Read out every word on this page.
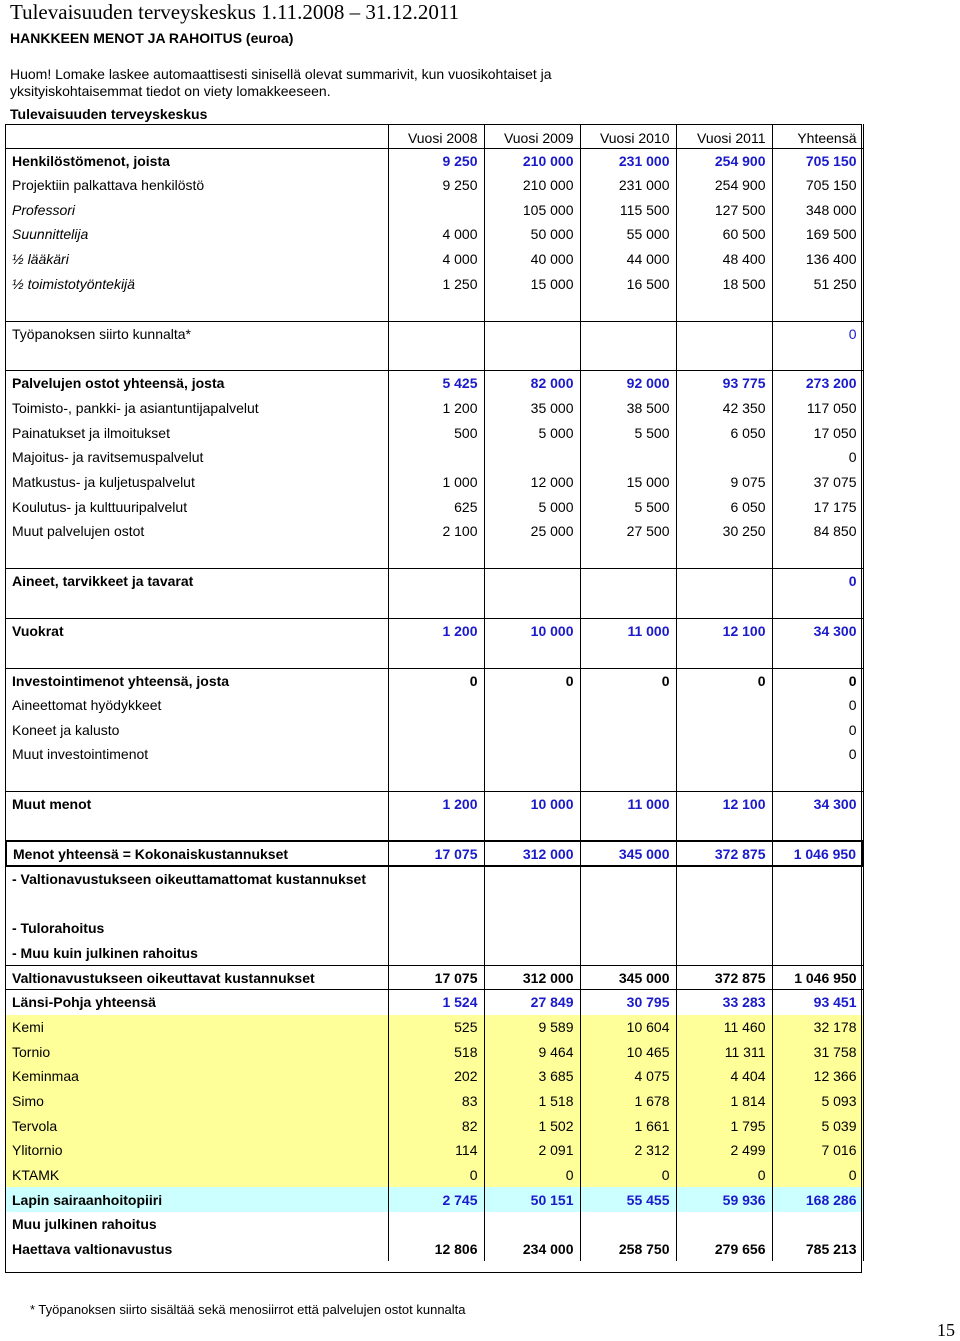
Tulevaisuuden terveyskeskus 1.11.2008 – 31.12.2011
HANKKEEN MENOT JA RAHOITUS (euroa)
Huom! Lomake laskee automaattisesti sinisellä olevat summarivit, kun vuosikohtaiset ja
yksityiskohtaisemmat tiedot on viety lomakkeeseen.
Tulevaisuuden terveyskeskus
	Vuosi 2008	Vuosi 2009	Vuosi 2010	Vuosi 2011	Yhteensä
Henkilöstömenot, joista	9 250	210 000	231 000	254 900	705 150
Projektiin palkattava henkilöstö	9 250	210 000	231 000	254 900	705 150
Professori		105 000	115 500	127 500	348 000
Suunnittelija	4 000	50 000	55 000	60 500	169 500
½ lääkäri	4 000	40 000	44 000	48 400	136 400
½ toimistotyöntekijä	1 250	15 000	16 500	18 500	51 250

Työpanoksen siirto kunnalta*					0

Palvelujen ostot yhteensä, josta	5 425	82 000	92 000	93 775	273 200
Toimisto-, pankki- ja asiantuntijapalvelut	1 200	35 000	38 500	42 350	117 050
Painatukset ja ilmoitukset	500	5 000	5 500	6 050	17 050
Majoitus- ja ravitsemuspalvelut					0
Matkustus- ja kuljetuspalvelut	1 000	12 000	15 000	9 075	37 075
Koulutus- ja kulttuuripalvelut	625	5 000	5 500	6 050	17 175
Muut palvelujen ostot	2 100	25 000	27 500	30 250	84 850

Aineet, tarvikkeet ja tavarat					0

Vuokrat	1 200	10 000	11 000	12 100	34 300

Investointimenot yhteensä, josta	0	0	0	0	0
Aineettomat hyödykkeet					0
Koneet ja kalusto					0
Muut investointimenot					0

Muut menot	1 200	10 000	11 000	12 100	34 300

Menot yhteensä = Kokonaiskustannukset	17 075	312 000	345 000	372 875	1 046 950
- Valtionavustukseen oikeuttamattomat kustannukset					

- Tulorahoitus					
- Muu kuin julkinen rahoitus					
Valtionavustukseen oikeuttavat kustannukset	17 075	312 000	345 000	372 875	1 046 950
Länsi-Pohja yhteensä	1 524	27 849	30 795	33 283	93 451
Kemi	525	9 589	10 604	11 460	32 178
Tornio	518	9 464	10 465	11 311	31 758
Keminmaa	202	3 685	4 075	4 404	12 366
Simo	83	1 518	1 678	1 814	5 093
Tervola	82	1 502	1 661	1 795	5 039
Ylitornio	114	2 091	2 312	2 499	7 016
KTAMK	0	0	0	0	0
Lapin sairaanhoitopiiri	2 745	50 151	55 455	59 936	168 286
Muu julkinen rahoitus					
Haettava valtionavustus	12 806	234 000	258 750	279 656	785 213
* Työpanoksen siirto sisältää sekä menosiirrot että palvelujen ostot kunnalta
15
